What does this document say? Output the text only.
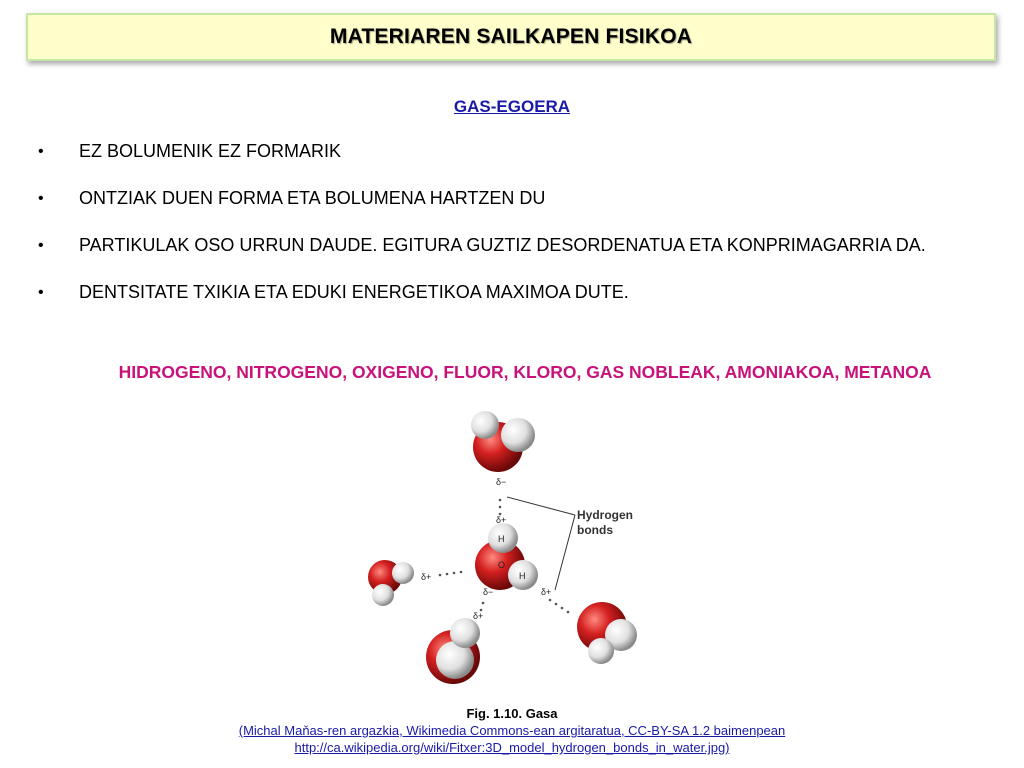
MATERIAREN SAILKAPEN FISIKOA
GAS-EGOERA
• EZ BOLUMENIK EZ FORMARIK
• ONTZIAK DUEN FORMA ETA BOLUMENA HARTZEN DU
• PARTIKULAK OSO URRUN DAUDE. EGITURA GUZTIZ DESORDENATUA ETA KONPRIMAGARRIA DA.
• DENTSITATE TXIKIA ETA EDUKI ENERGETIKOA MAXIMOA DUTE.
HIDROGENO, NITROGENO, OXIGENO, FLUOR, KLORO, GAS NOBLEAK, AMONIAKOA, METANOA
δ−
δ+
H
O
H
δ+
δ−
δ+
δ+
Hydrogen
bonds
Fig. 1.10. Gasa
(Michal Maňas-ren argazkia, Wikimedia Commons-ean argitaratua, CC-BY-SA 1.2 baimenpean
http://ca.wikipedia.org/wiki/Fitxer:3D_model_hydrogen_bonds_in_water.jpg)
